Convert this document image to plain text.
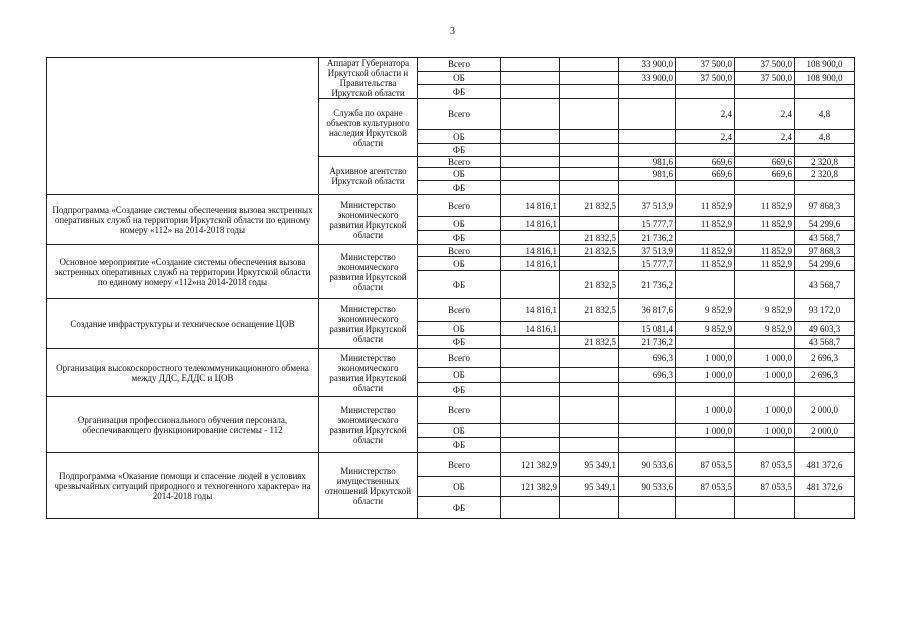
3
	Аппарат Губернатора Иркутской области и Правительства Иркутской области	Всего			33 900,0	37 500,0	37 500,0	108 900,0
		ОБ			33 900,0	37 500,0	37 500,0	108 900,0
		ФБ						
	Служба по охране объектов культурного наследия Иркутской области	Всего				2,4	2,4	4,8
		ОБ				2,4	2,4	4,8
		ФБ						
	Архивное агентство Иркутской области	Всего			981,6	669,6	669,6	2 320,8
		ОБ			981,6	669,6	669,6	2 320,8
		ФБ						
Подпрограмма «Создание системы обеспечения вызова экстренных оперативных служб на территории Иркутской области по единому номеру «112» на 2014-2018 годы	Министерство экономического развития Иркутской области	Всего	14 816,1	21 832,5	37 513,9	11 852,9	11 852,9	97 868,3
		ОБ	14 816,1		15 777,7	11 852,9	11 852,9	54 299,6
		ФБ		21 832,5	21 736,2			43 568,7
Основное мероприятие «Создание системы обеспечения вызова экстренных оперативных служб на территории Иркутской области по единому номеру «112»на 2014-2018 годы	Министерство экономического развития Иркутской области	Всего	14 816,1	21 832,5	37 513,9	11 852,9	11 852,9	97 868,3
		ОБ	14 816,1		15 777,7	11 852,9	11 852,9	54 299,6
		ФБ		21 832,5	21 736,2			43 568,7
Создание инфраструктуры и техническое оснащение ЦОВ	Министерство экономического развития Иркутской области	Всего	14 816,1	21 832,5	36 817,6	9 852,9	9 852,9	93 172,0
		ОБ	14 816,1		15 081,4	9 852,9	9 852,9	49 603,3
		ФБ		21 832,5	21 736,2			43 568,7
Организация высокоскоростного телекоммуникационного обмена между ДДС, ЕДДС и ЦОВ	Министерство экономического развития Иркутской области	Всего			696,3	1 000,0	1 000,0	2 696,3
		ОБ			696,3	1 000,0	1 000,0	2 696,3
		ФБ						
Организация профессионального обучения персонала, обеспечивающего функционирование системы - 112	Министерство экономического развития Иркутской области	Всего				1 000,0	1 000,0	2 000,0
		ОБ				1 000,0	1 000,0	2 000,0
		ФБ						
Подпрограмма «Оказание помощи и спасение людей в условиях чрезвычайных ситуаций природного и техногенного характера» на 2014-2018 годы	Министерство имущественных отношений Иркутской области	Всего	121 382,9	95 349,1	90 533,6	87 053,5	87 053,5	481 372,6
		ОБ	121 382,9	95 349,1	90 533,6	87 053,5	87 053,5	481 372,6
		ФБ						
